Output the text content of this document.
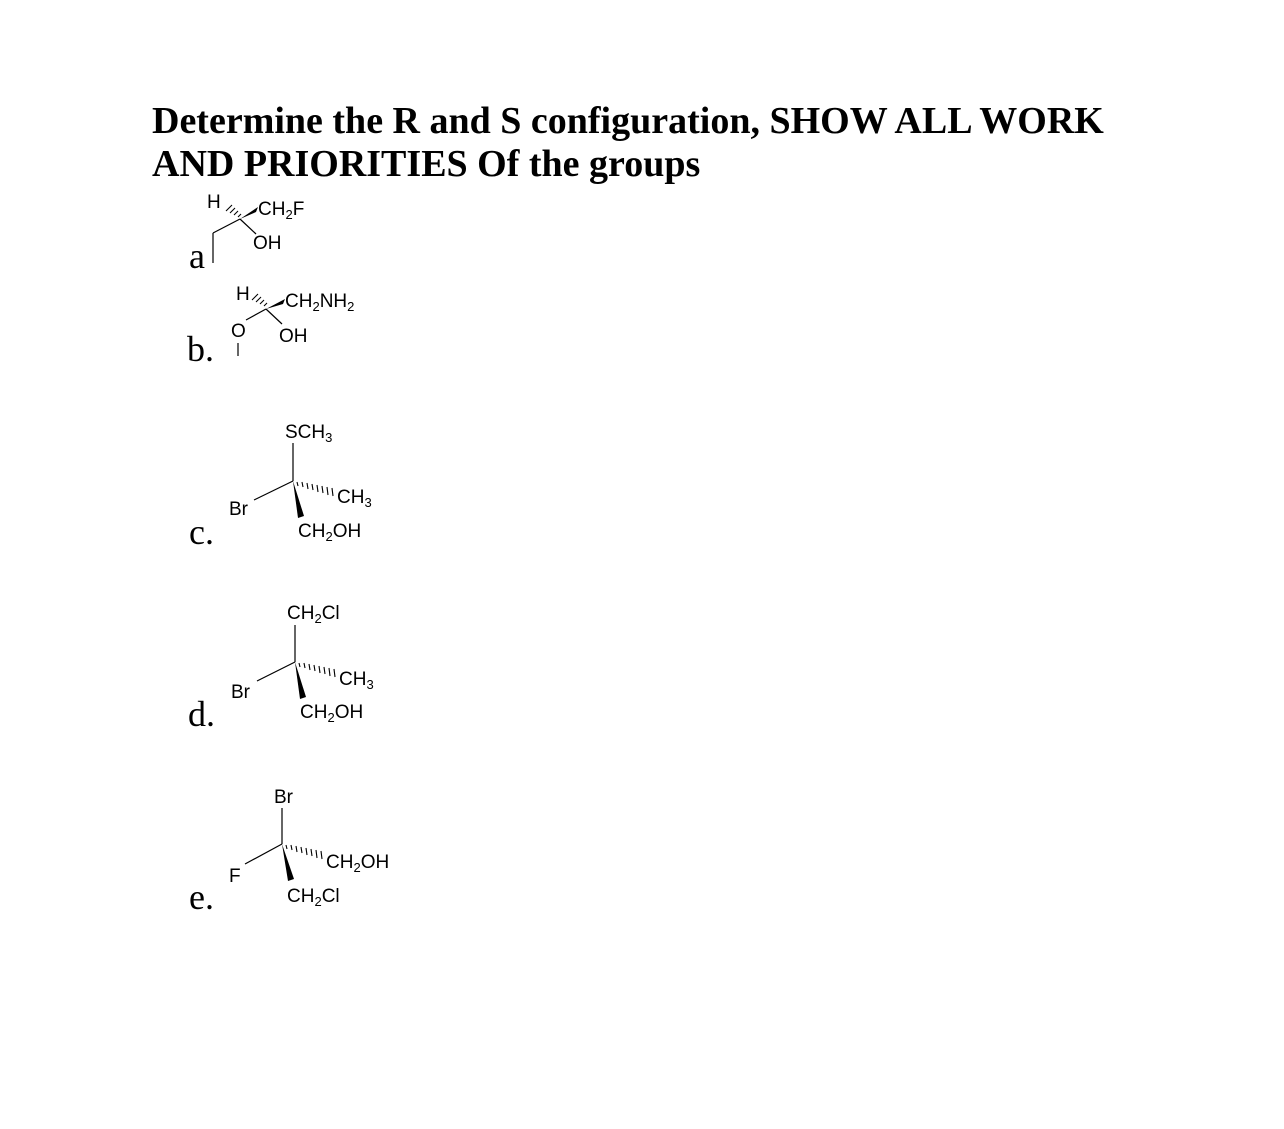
Determine the R and S configuration, SHOW ALL WORK
AND PRIORITIES Of the groups
a
H $CH_2F$
OH
b. O
H $CH_2NH_2$
OH
c.
$SCH_3$
Br
$CH_3$
$CH_2OH$
d.
$CH_2Cl$
Br
$CH_3$
$CH_2OH$
e.
Br
F
$CH_2OH$
$CH_2Cl$
